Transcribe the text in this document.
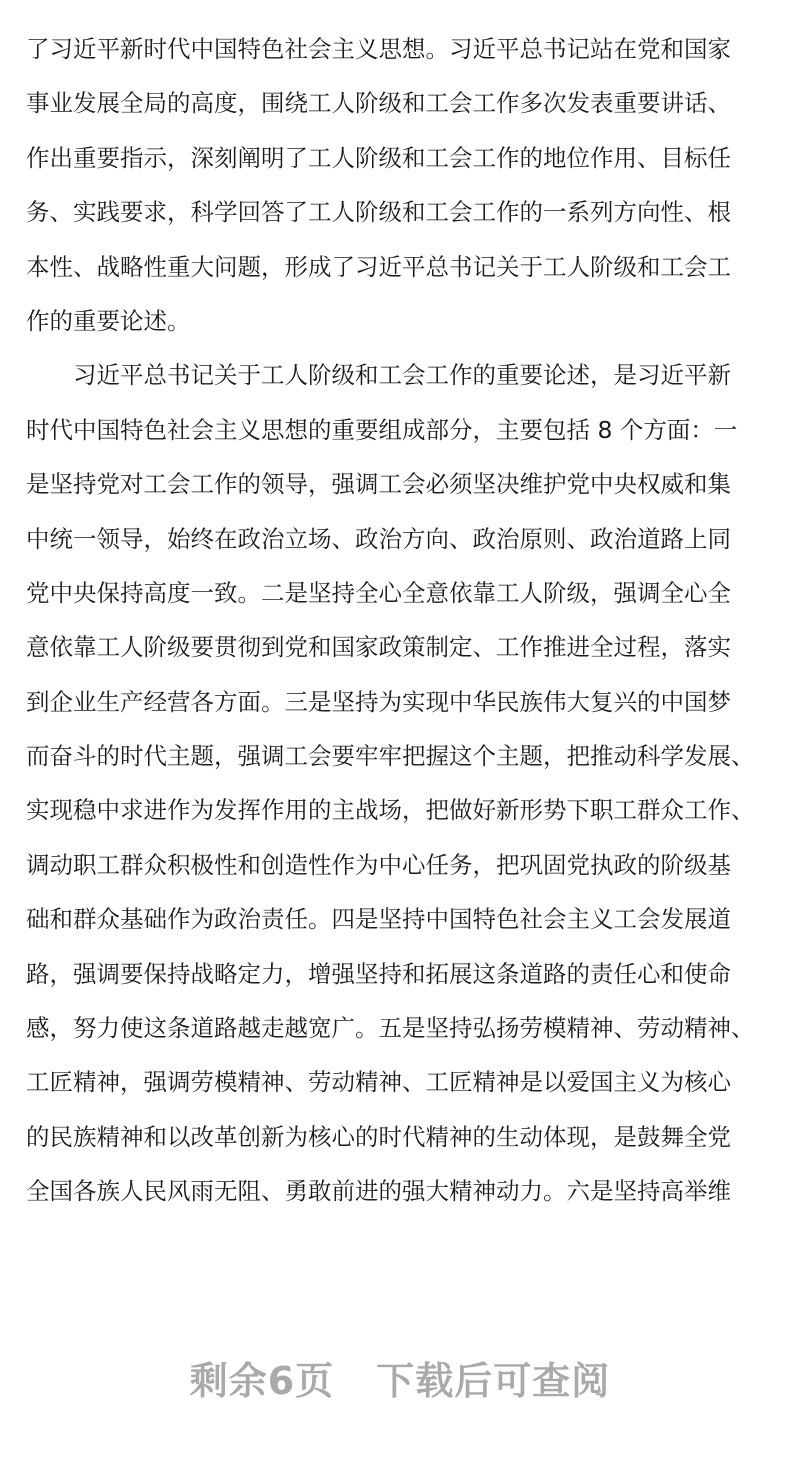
了习近平新时代中国特色社会主义思想。习近平总书记站在党和国家
事业发展全局的高度，围绕工人阶级和工会工作多次发表重要讲话、
作出重要指示，深刻阐明了工人阶级和工会工作的地位作用、目标任
务、实践要求，科学回答了工人阶级和工会工作的一系列方向性、根
本性、战略性重大问题，形成了习近平总书记关于工人阶级和工会工
作的重要论述。
　　习近平总书记关于工人阶级和工会工作的重要论述，是习近平新
时代中国特色社会主义思想的重要组成部分，主要包括 8 个方面：一
是坚持党对工会工作的领导，强调工会必须坚决维护党中央权威和集
中统一领导，始终在政治立场、政治方向、政治原则、政治道路上同
党中央保持高度一致。二是坚持全心全意依靠工人阶级，强调全心全
意依靠工人阶级要贯彻到党和国家政策制定、工作推进全过程，落实
到企业生产经营各方面。三是坚持为实现中华民族伟大复兴的中国梦
而奋斗的时代主题，强调工会要牢牢把握这个主题，把推动科学发展、
实现稳中求进作为发挥作用的主战场，把做好新形势下职工群众工作、
调动职工群众积极性和创造性作为中心任务，把巩固党执政的阶级基
础和群众基础作为政治责任。四是坚持中国特色社会主义工会发展道
路，强调要保持战略定力，增强坚持和拓展这条道路的责任心和使命
感，努力使这条道路越走越宽广。五是坚持弘扬劳模精神、劳动精神、
工匠精神，强调劳模精神、劳动精神、工匠精神是以爱国主义为核心
的民族精神和以改革创新为核心的时代精神的生动体现，是鼓舞全党
全国各族人民风雨无阻、勇敢前进的强大精神动力。六是坚持高举维
剩余6页 下载后可查阅
